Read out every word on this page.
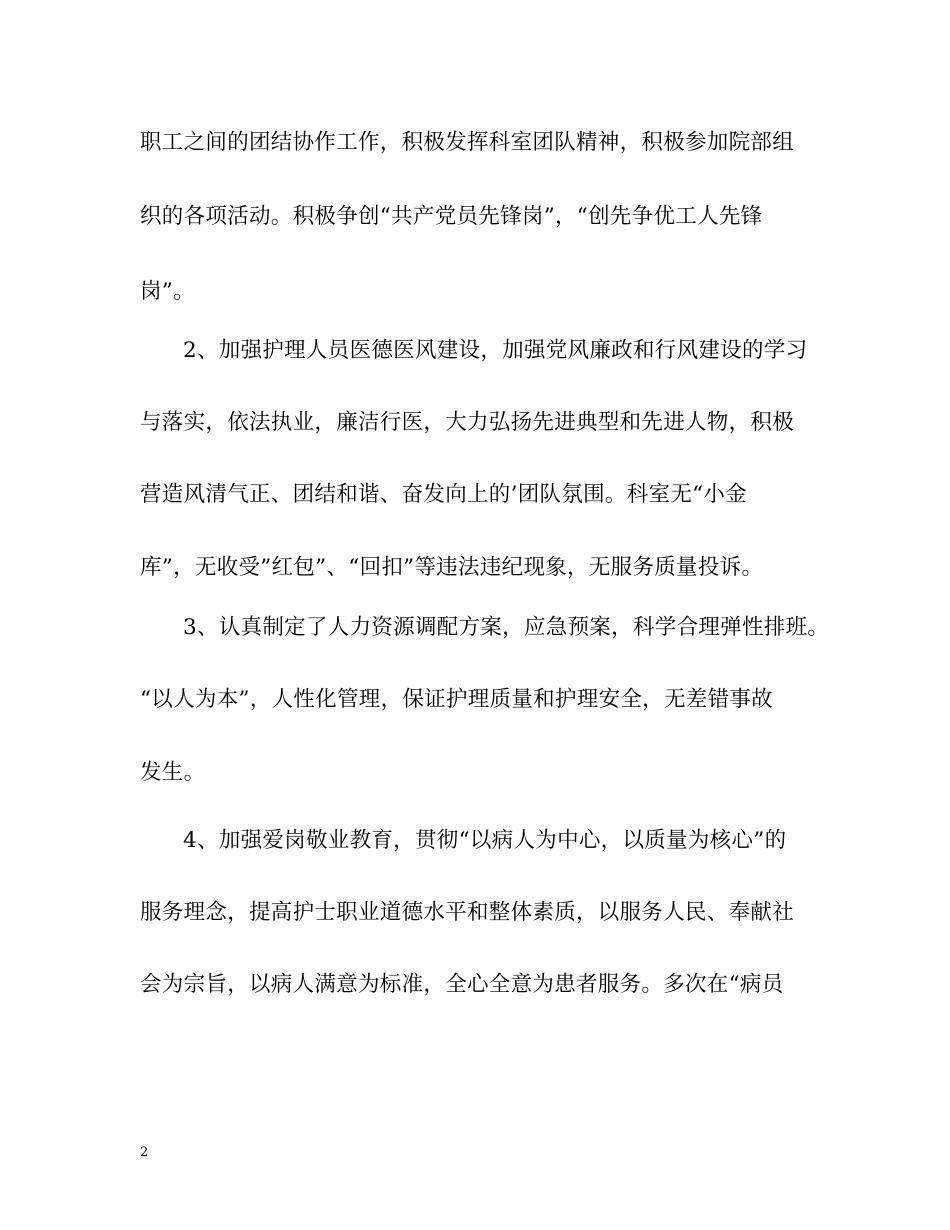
职工之间的团结协作工作，积极发挥科室团队精神，积极参加院部组
织的各项活动。积极争创“共产党员先锋岗”，“创先争优工人先锋
岗”。
2、加强护理人员医德医风建设，加强党风廉政和行风建设的学习
与落实，依法执业，廉洁行医，大力弘扬先进典型和先进人物，积极
营造风清气正、团结和谐、奋发向上的’团队氛围。科室无“小金
库”，无收受”红包”、“回扣”等违法违纪现象，无服务质量投诉。
3、认真制定了人力资源调配方案，应急预案，科学合理弹性排班。
“以人为本”，人性化管理，保证护理质量和护理安全，无差错事故
发生。
4、加强爱岗敬业教育，贯彻“以病人为中心，以质量为核心”的
服务理念，提高护士职业道德水平和整体素质，以服务人民、奉献社
会为宗旨，以病人满意为标准，全心全意为患者服务。多次在“病员
2
